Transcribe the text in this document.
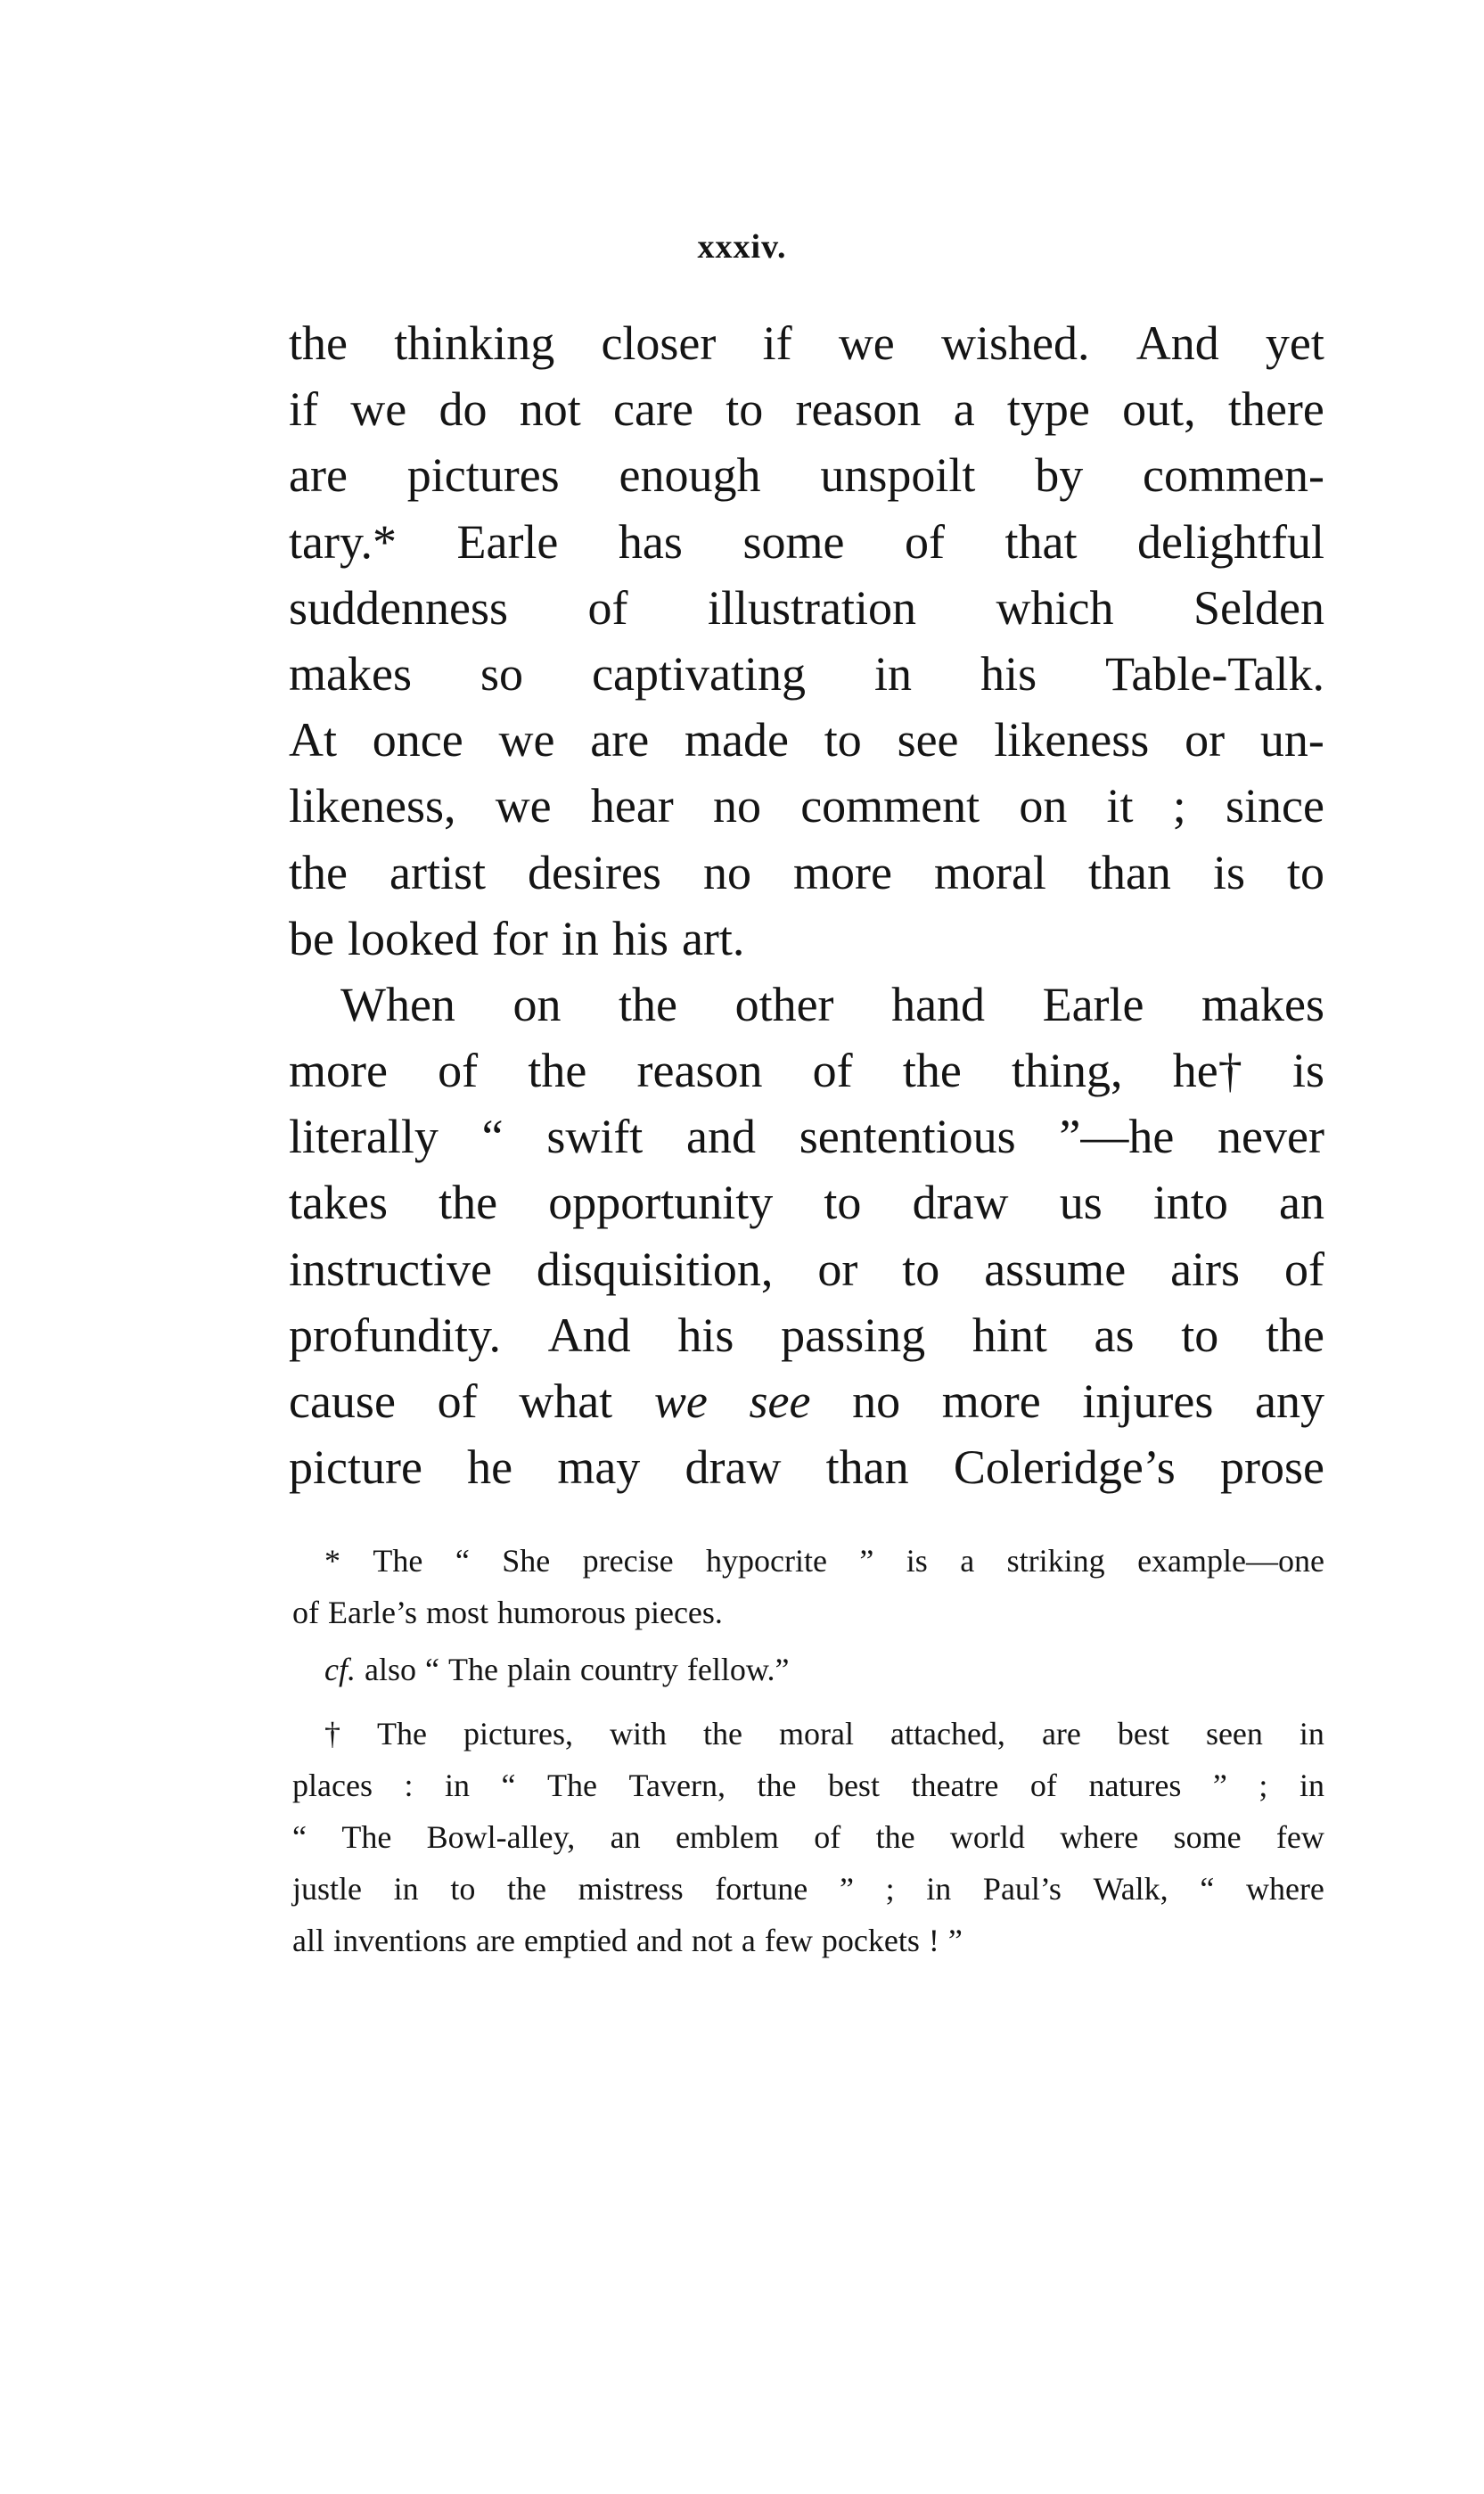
xxxiv.
the thinking closer if we wished. And yet
if we do not care to reason a type out, there
are pictures enough unspoilt by commen-
tary.* Earle has some of that delightful
suddenness of illustration which Selden
makes so captivating in his Table-Talk.
At once we are made to see likeness or un-
likeness, we hear no comment on it ; since
the artist desires no more moral than is to
be looked for in his art.
When on the other hand Earle makes
more of the reason of the thing, he† is
literally “ swift and sententious ”—he never
takes the opportunity to draw us into an
instructive disquisition, or to assume airs of
profundity. And his passing hint as to the
cause of what we see no more injures any
picture he may draw than Coleridge’s prose
* The “ She precise hypocrite ” is a striking example—one
of Earle’s most humorous pieces.
cf. also “ The plain country fellow.”
† The pictures, with the moral attached, are best seen in
places : in “ The Tavern, the best theatre of natures ” ; in
“ The Bowl-alley, an emblem of the world where some few
justle in to the mistress fortune ” ; in Paul’s Walk, “ where
all inventions are emptied and not a few pockets ! ”
